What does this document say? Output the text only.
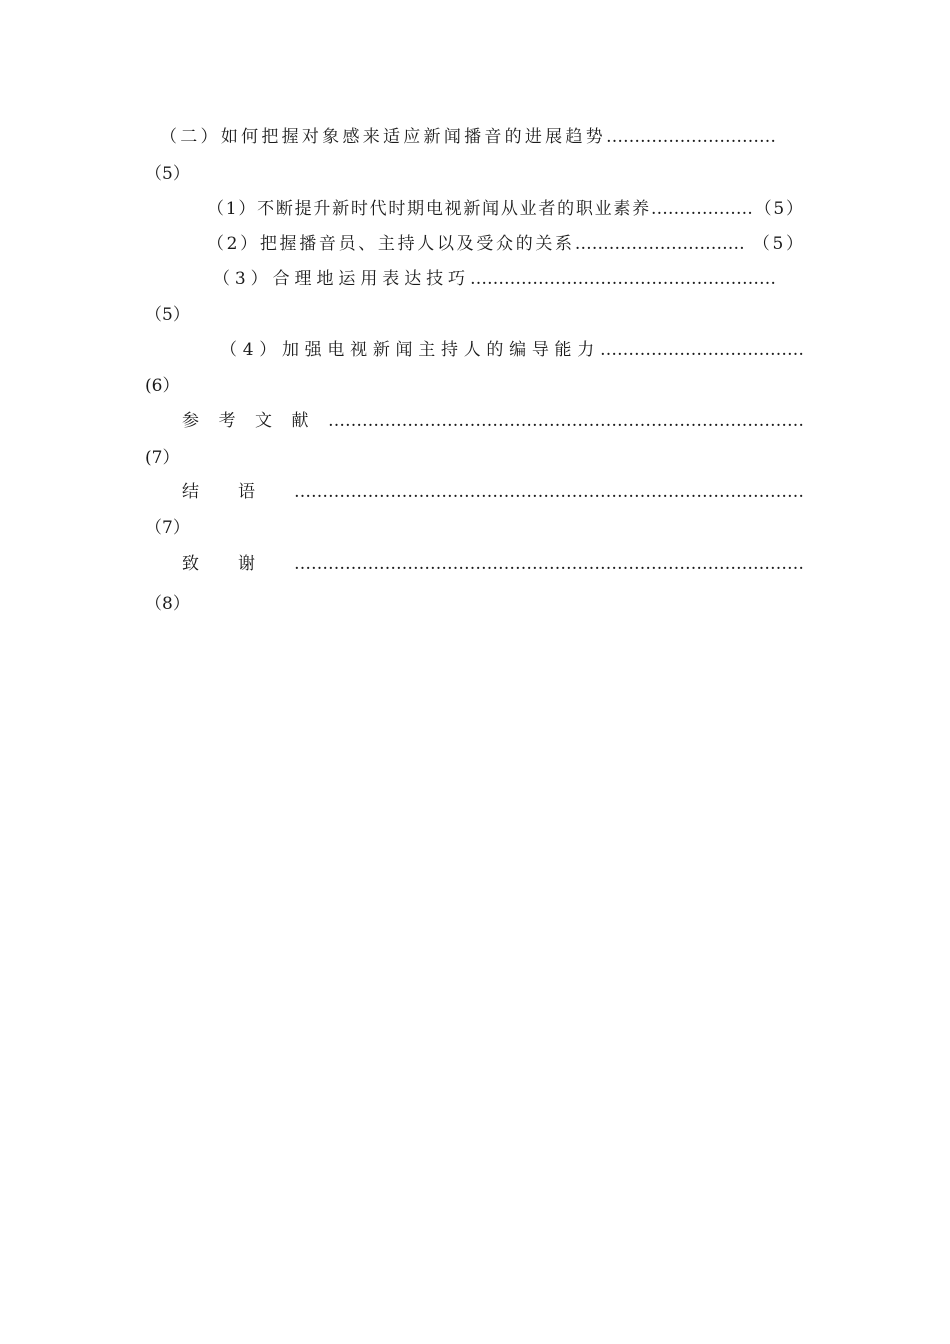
（二）如何把握对象感来适应新闻播音的进展趋势…………………………
（5）
（1）不断提升新时代时期电视新闻从业者的职业素养………………（5）
（2）把握播音员、主持人以及受众的关系………………………… （5）
（3）合理地运用表达技巧………………………………………………
（5）
（4）加强电视新闻主持人的编导能力………………………………
(6）
参考文献…………………………………………………………………………
(7）
结语………………………………………………………………………………
（7）
致谢………………………………………………………………………………
（8）
